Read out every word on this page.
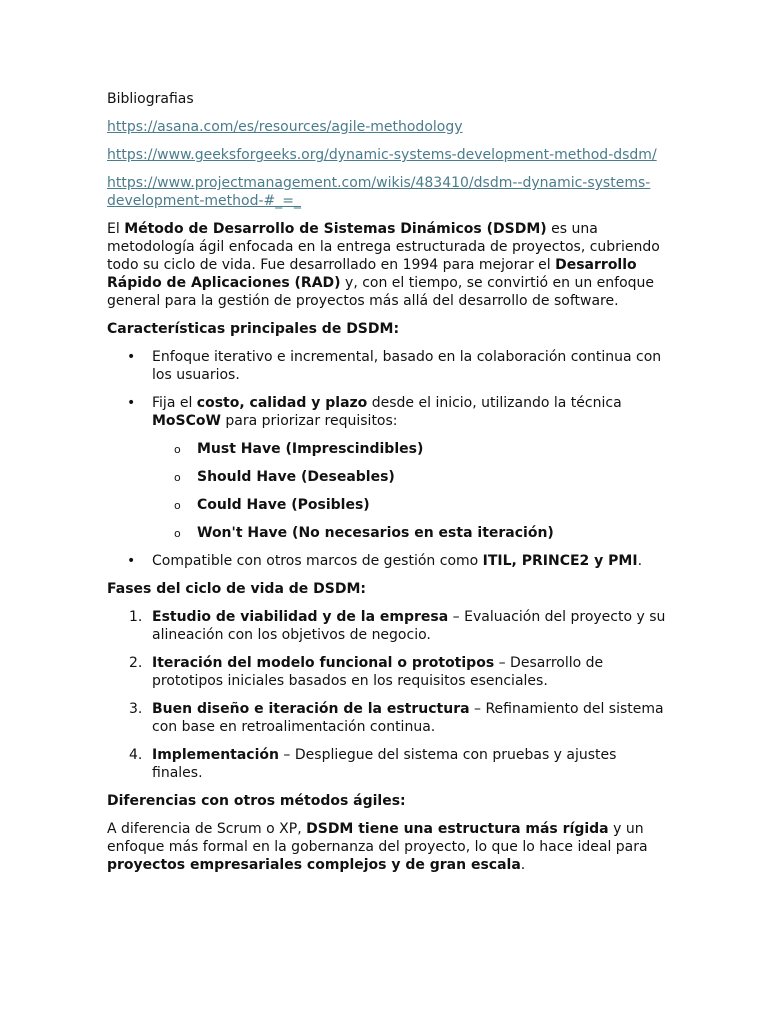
Bibliografias

https://asana.com/es/resources/agile-methodology
https://www.geeksforgeeks.org/dynamic-systems-development-method-dsdm/
https://www.projectmanagement.com/wikis/483410/dsdm--dynamic-systems-development-method-#_=_

El Método de Desarrollo de Sistemas Dinámicos (DSDM) es una metodología ágil enfocada en la entrega estructurada de proyectos, cubriendo todo su ciclo de vida. Fue desarrollado en 1994 para mejorar el Desarrollo Rápido de Aplicaciones (RAD) y, con el tiempo, se convirtió en un enfoque general para la gestión de proyectos más allá del desarrollo de software.

Características principales de DSDM:

• Enfoque iterativo e incremental, basado en la colaboración continua con los usuarios.
• Fija el costo, calidad y plazo desde el inicio, utilizando la técnica MoSCoW para priorizar requisitos:
o Must Have (Imprescindibles)
o Should Have (Deseables)
o Could Have (Posibles)
o Won't Have (No necesarios en esta iteración)
• Compatible con otros marcos de gestión como ITIL, PRINCE2 y PMI.

Fases del ciclo de vida de DSDM:

1. Estudio de viabilidad y de la empresa – Evaluación del proyecto y su alineación con los objetivos de negocio.
2. Iteración del modelo funcional o prototipos – Desarrollo de prototipos iniciales basados en los requisitos esenciales.
3. Buen diseño e iteración de la estructura – Refinamiento del sistema con base en retroalimentación continua.
4. Implementación – Despliegue del sistema con pruebas y ajustes finales.

Diferencias con otros métodos ágiles:

A diferencia de Scrum o XP, DSDM tiene una estructura más rígida y un enfoque más formal en la gobernanza del proyecto, lo que lo hace ideal para proyectos empresariales complejos y de gran escala.
